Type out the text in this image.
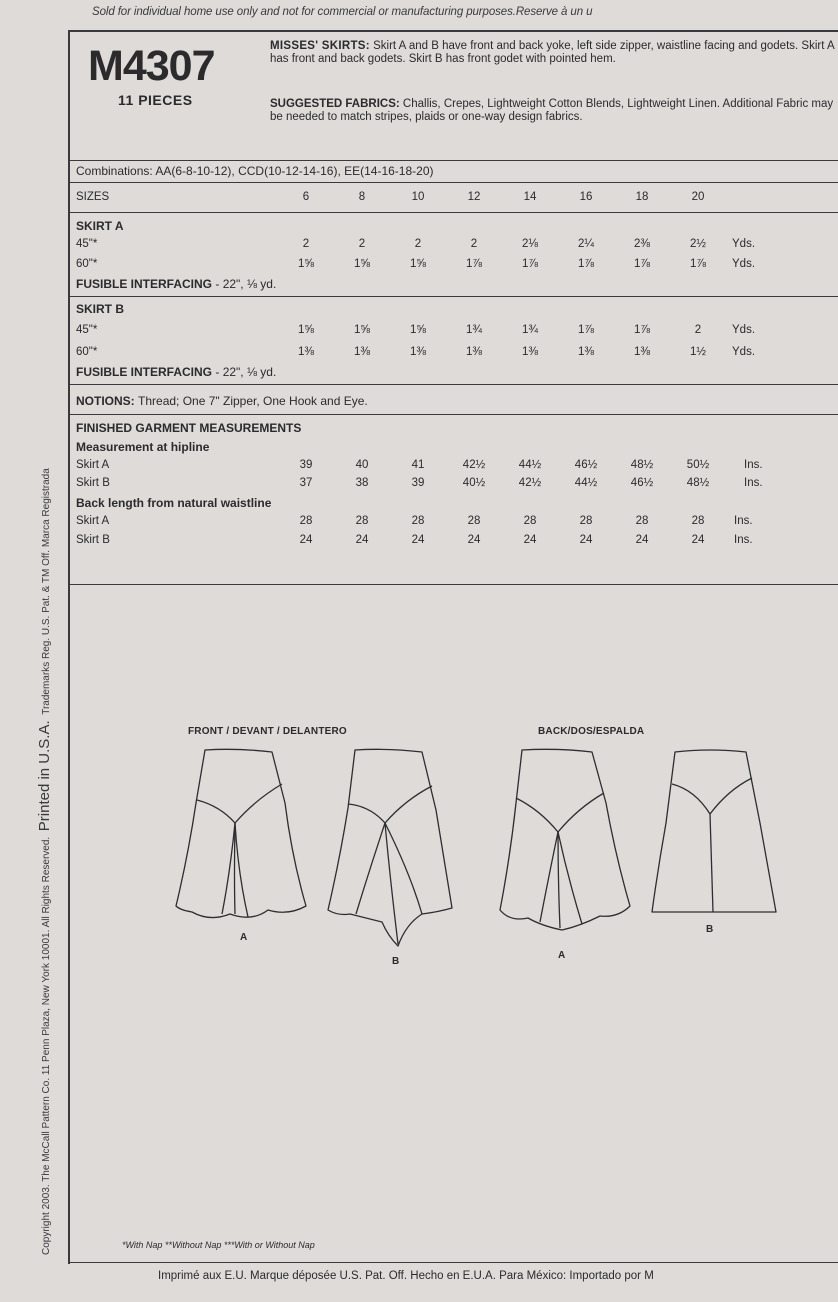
Sold for individual home use only and not for commercial or manufacturing purposes.Reserve à un u
Copyright 2003. The McCall Pattern Co. 11 Penn Plaza, New York 10001. All Rights Reserved.  Printed in U.S.A.  Trademarks Reg. U.S. Pat. & TM Off. Marca Registrada
M4307
11 PIECES
MISSES' SKIRTS: Skirt A and B have front and back yoke, left side zipper, waistline facing and godets. Skirt A has front and back godets. Skirt B has front godet with pointed hem.
SUGGESTED FABRICS: Challis, Crepes, Lightweight Cotton Blends, Lightweight Linen. Additional Fabric may be needed to match stripes, plaids or one-way design fabrics.
Combinations: AA(6-8-10-12), CCD(10-12-14-16), EE(14-16-18-20)
SIZES	6	8	10	12	14	16	18	20
SKIRT A
45"*	2	2	2	2	2⅛	2¼	2⅜	2½	Yds.
60"*	1⅝	1⅝	1⅝	1⅞	1⅞	1⅞	1⅞	1⅞	Yds.
FUSIBLE INTERFACING - 22", ⅛ yd.
SKIRT B
45"*	1⅝	1⅝	1⅝	1¾	1¾	1⅞	1⅞	2	Yds.
60"*	1⅜	1⅜	1⅜	1⅜	1⅜	1⅜	1⅜	1½	Yds.
FUSIBLE INTERFACING - 22", ⅛ yd.
NOTIONS: Thread; One 7" Zipper, One Hook and Eye.
FINISHED GARMENT MEASUREMENTS
Measurement at hipline
Skirt A	39	40	41	42½	44½	46½	48½	50½	Ins.
Skirt B	37	38	39	40½	42½	44½	46½	48½	Ins.
Back length from natural waistline
Skirt A	28	28	28	28	28	28	28	28	Ins.
Skirt B	24	24	24	24	24	24	24	24	Ins.
FRONT / DEVANT / DELANTERO	BACK/DOS/ESPALDA
A
B
A
B
*With Nap **Without Nap ***With or Without Nap
Imprimé aux E.U. Marque déposée U.S. Pat. Off. Hecho en E.U.A. Para México: Importado por M
